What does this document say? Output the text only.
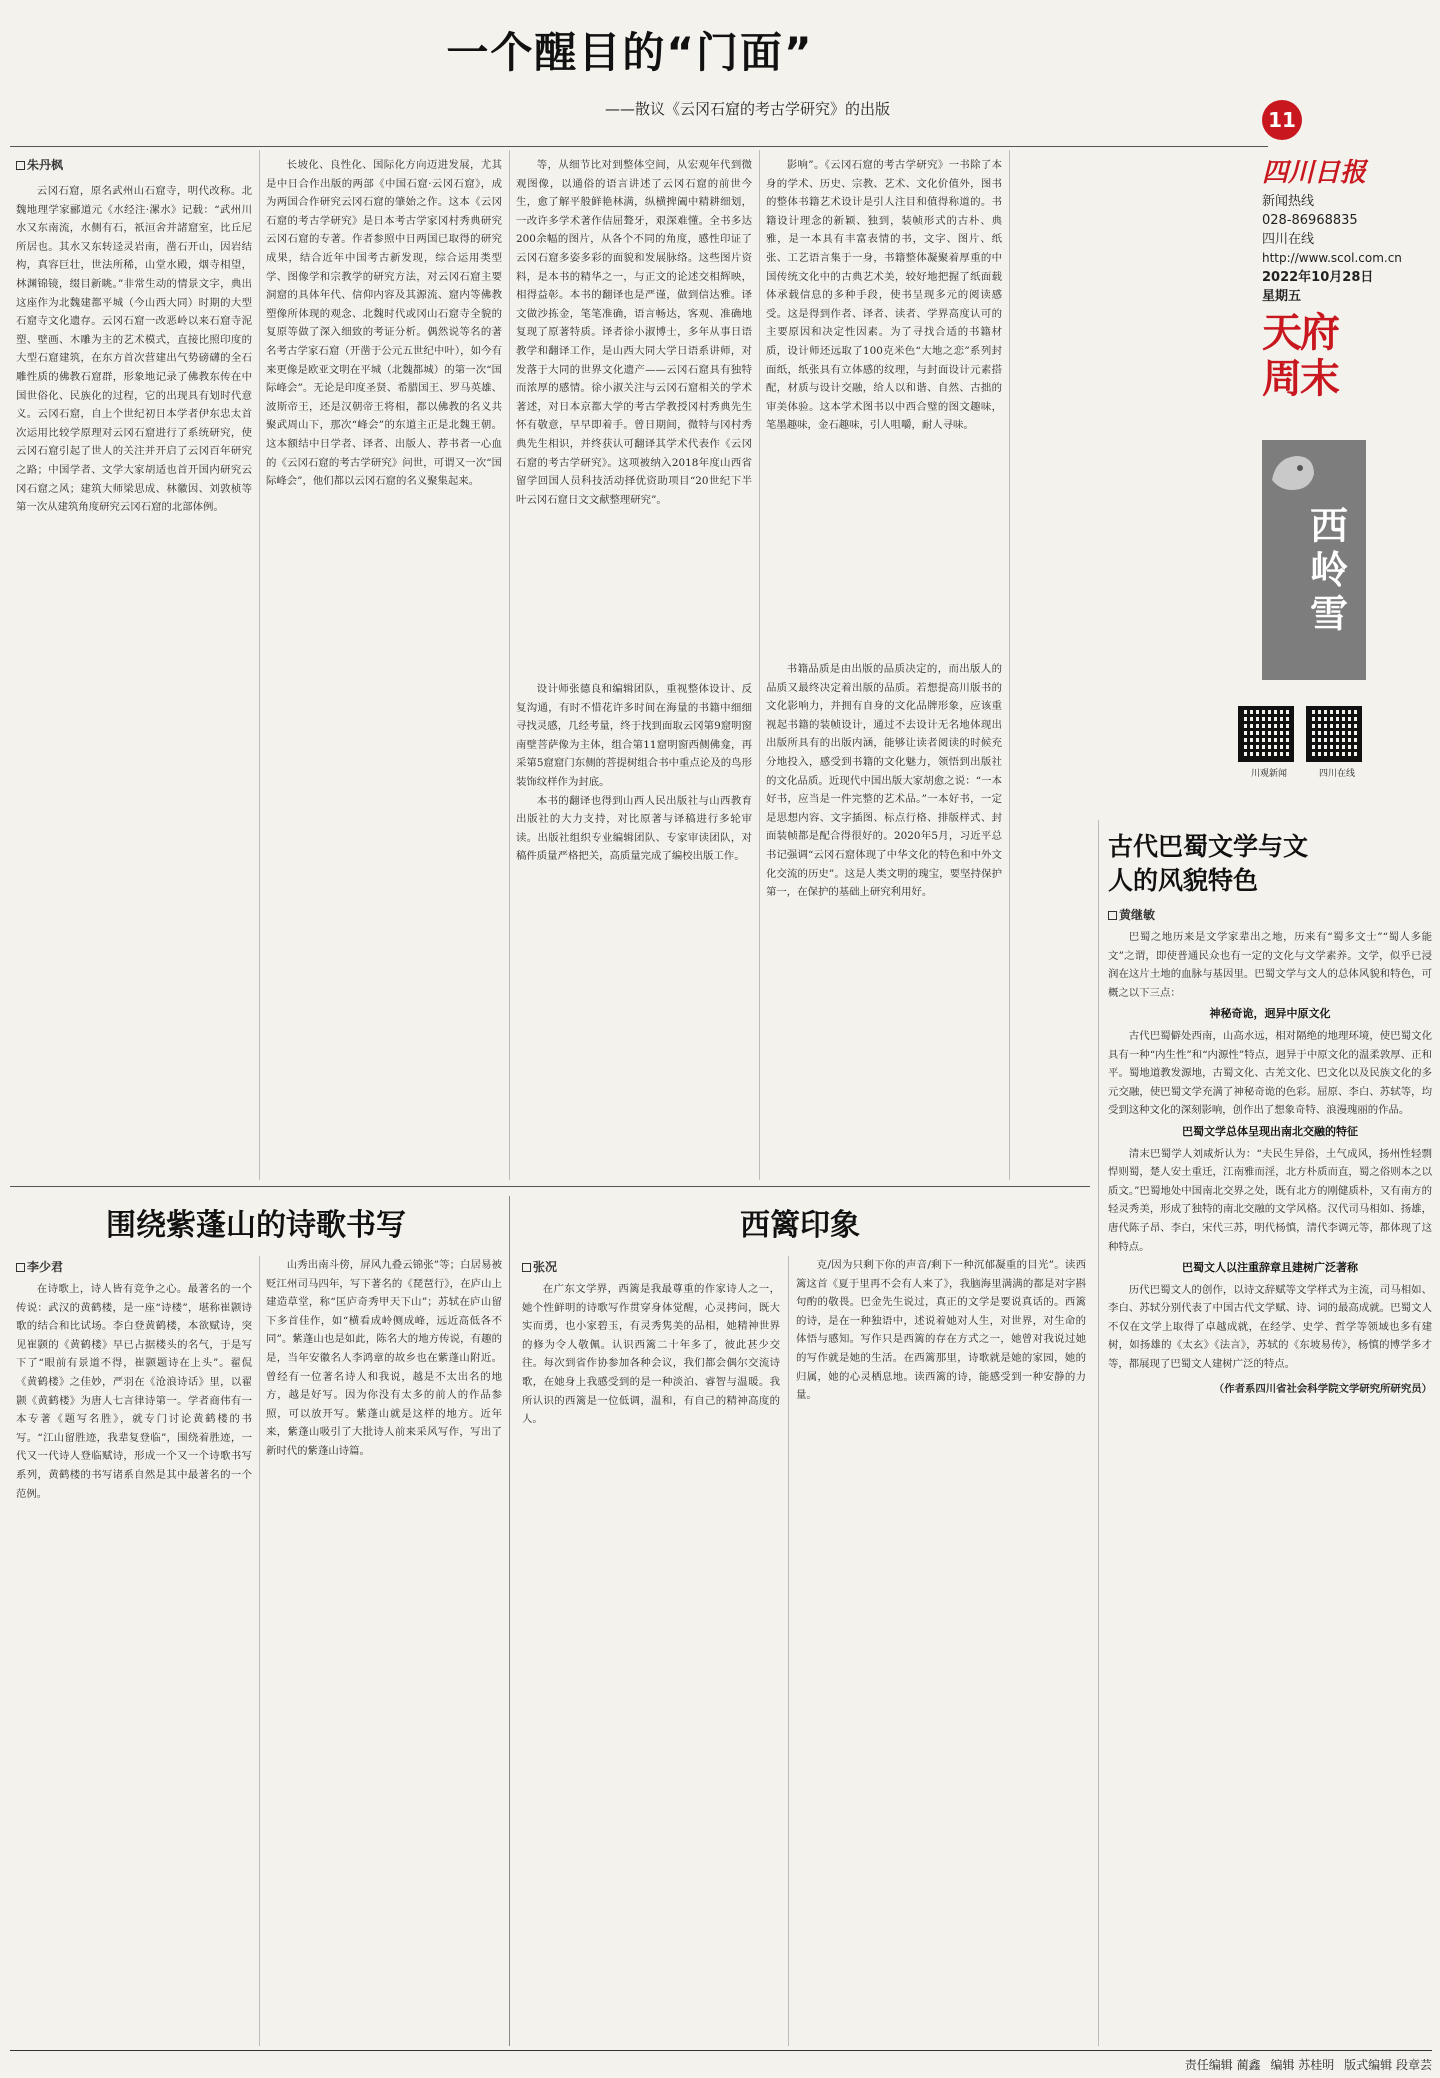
一个醒目的“门面”
——散议《云冈石窟的考古学研究》的出版
朱丹枫

云冈石窟，原名武州山石窟寺，明代改称。北魏地理学家郦道元《水经注·漯水》记载：“武州川水又东南流，水侧有石，祇洹舍并諸窟室，比丘尼所居也。其水又东转迳灵岩南，凿石开山，因岩结构，真容巨壮，世法所稀，山堂水殿，烟寺相望，林渊锦镜，缀目新眺。”非常生动的情景文字，典出这座作为北魏建都平城（今山西大同）时期的大型石窟寺文化遗存。云冈石窟一改恶岭以来石窟寺泥塑、壁画、木雕为主的艺术模式，直接比照印度的大型石窟建筑，在东方首次营建出气势磅礴的全石雕性质的佛教石窟群，形象地记录了佛教东传在中国世俗化、民族化的过程，它的出现具有划时代意义。云冈石窟，自上个世纪初日本学者伊东忠太首次运用比较学原理对云冈石窟进行了系统研究，使云冈石窟引起了世人的关注并开启了云冈百年研究之路；中国学者、文学大家胡适也首开国内研究云冈石窟之风；建筑大师梁思成、林徽因、刘敦桢等第一次从建筑角度研究云冈石窟的北部体例。

长坡化、良性化、国际化方向迈进发展，尤其是中日合作出版的两部《中国石窟·云冈石窟》，成为两国合作研究云冈石窟的肇始之作。这本《云冈石窟的考古学研究》是日本考古学家冈村秀典研究云冈石窟的专著。作者参照中日两国已取得的研究成果，结合近年中国考古新发现，综合运用类型学、图像学和宗教学的研究方法，对云冈石窟主要洞窟的具体年代、信仰内容及其源流、窟内等佛教塑像所体现的观念、北魏时代或冈山石窟寺全貌的复原等做了深入细致的考证分析。偶然说等名的著名考古学家石窟（开凿于公元五世纪中叶），如今有来更像是欧亚文明在平城（北魏都城）的第一次“国际峰会”。无论是印度圣贤、希腊国王、罗马英雄、波斯帝王，还是汉朝帝王将相，都以佛教的名义共聚武周山下，那次“峰会”的东道主正是北魏王朝。这本额结中日学者、译者、出版人、荐书者一心血的《云冈石窟的考古学研究》问世，可谓又一次“国际峰会”，他们都以云冈石窟的名义聚集起来。

等，从细节比对到整体空间，从宏观年代到微观图像，以通俗的语言讲述了云冈石窟的前世今生，愈了解平般鲜艳林满，纵横捭阖中精耕细划，一改许多学术著作佶屈聱牙，艰深难懂。全书多达200余幅的图片，从各个不同的角度，感性印证了云冈石窟多姿多彩的面貌和发展脉络。这些图片资料，是本书的精华之一，与正文的论述交相辉映，相得益彰。本书的翻译也是严谨，做到信达雅。译文做沙拣金，笔笔准确，语言畅达，客观、准确地复现了原著特质。译者徐小淑博士，多年从事日语教学和翻译工作，是山西大同大学日语系讲师，对发落于大同的世界文化遗产——云冈石窟具有独特而浓厚的感情。徐小淑关注与云冈石窟相关的学术著述，对日本京都大学的考古学教授冈村秀典先生怀有敬意，早早即着手。曾日期间，微特与冈村秀典先生相识，并终获认可翻译其学术代表作《云冈石窟的考古学研究》。这项被纳入2018年度山西省留学回国人员科技活动择优资助项目“20世纪下半叶云冈石窟日文文献整理研究”。

影响”。《云冈石窟的考古学研究》一书除了本身的学术、历史、宗教、艺术、文化价值外，图书的整体书籍艺术设计是引人注目和值得称道的。书籍设计理念的新颖、独到，装帧形式的古朴、典雅，是一本具有丰富表情的书，文字、图片、纸张、工艺语言集于一身，书籍整体凝聚着厚重的中国传统文化中的古典艺术美，较好地把握了纸面载体承载信息的多种手段，使书呈现多元的阅读感受。这是得到作者、译者、读者、学界高度认可的主要原因和决定性因素。为了寻找合适的书籍材质，设计师还远取了100克米色“大地之恋”系列封面纸，纸张具有立体感的纹理，与封面设计元素搭配，材质与设计交融，给人以和谐、自然、古拙的审美体验。这本学术图书以中西合璧的图文趣味，笔墨趣味，金石趣味，引人咀嚼，耐人寻味。

设计师张德良和编辑团队，重视整体设计、反复沟通，有时不惜花许多时间在海量的书籍中细细寻找灵感，几经考量，终于找到面取云冈第9窟明窗南壁菩萨像为主体，组合第11窟明窗西侧佛龛，再采第5窟窟门东侧的菩提树组合书中重点论及的鸟形装饰纹样作为封底。

本书的翻译也得到山西人民出版社与山西教育出版社的大力支持，对比原著与译稿进行多轮审读。出版社组织专业编辑团队、专家审读团队，对稿件质量严格把关，高质量完成了编校出版工作。

书籍品质是由出版的品质决定的，而出版人的品质又最终决定着出版的品质。若想提高川版书的文化影响力，并拥有自身的文化品牌形象，应该重视起书籍的装帧设计，通过不去设计无名地体现出出版所具有的出版内涵，能够让读者阅读的时候充分地投入，感受到书籍的文化魅力，领悟到出版社的文化品质。近现代中国出版大家胡愈之说：“一本好书，应当是一件完整的艺术品。”一本好书，一定是思想内容、文字插图、标点行格、排版样式、封面装帧都是配合得很好的。2020年5月，习近平总书记强调“云冈石窟体现了中华文化的特色和中外文化交流的历史”。这是人类文明的瑰宝，要坚持保护第一，在保护的基础上研究利用好。

11
四川日报
新闻热线
028-86968835
四川在线
http://www.scol.com.cn
2022年10月28日
星期五
天府周末
西岭雪
川观新闻	四川在线
古代巴蜀文学与文人的风貌特色
黄继敏

巴蜀之地历来是文学家辈出之地，历来有“蜀多文士”“蜀人多能文”之谓，即使普通民众也有一定的文化与文学素养。文学，似乎已浸润在这片土地的血脉与基因里。巴蜀文学与文人的总体风貌和特色，可概之以下三点：

神秘奇诡，迥异中原文化

古代巴蜀僻处西南，山高水远，相对隔绝的地理环境，使巴蜀文化具有一种“内生性”和“内源性”特点，迥异于中原文化的温柔敦厚、正和平。蜀地道教发源地，古蜀文化、古羌文化、巴文化以及民族文化的多元交融，使巴蜀文学充满了神秘奇诡的色彩。屈原、李白、苏轼等，均受到这种文化的深刻影响，创作出了想象奇特、浪漫瑰丽的作品。

巴蜀文学总体呈现出南北交融的特征

清末巴蜀学人刘咸炘认为：“夫民生异俗，土气成风，扬州性轻剽悍则蜀，楚人安土重迁，江南雅而淫，北方朴质而直，蜀之俗则本之以质文。”巴蜀地处中国南北交界之处，既有北方的刚健质朴，又有南方的轻灵秀美，形成了独特的南北交融的文学风格。汉代司马相如、扬雄，唐代陈子昂、李白，宋代三苏，明代杨慎，清代李调元等，都体现了这种特点。

巴蜀文人以注重辞章且建树广泛著称

历代巴蜀文人的创作，以诗文辞赋等文学样式为主流，司马相如、李白、苏轼分别代表了中国古代文学赋、诗、词的最高成就。巴蜀文人不仅在文学上取得了卓越成就，在经学、史学、哲学等领域也多有建树，如扬雄的《太玄》《法言》，苏轼的《东坡易传》，杨慎的博学多才等，都展现了巴蜀文人建树广泛的特点。

（作者系四川省社会科学院文学研究所研究员）
围绕紫蓬山的诗歌书写
李少君

在诗歌上，诗人皆有竞争之心。最著名的一个传说：武汉的黄鹤楼，是一座“诗楼”，堪称崔颢诗歌的结合和比试场。李白登黄鹤楼，本欲赋诗，突见崔颢的《黄鹤楼》早已占据楼头的名气，于是写下了“眼前有景道不得，崔颢题诗在上头”。翟侃《黄鹤楼》之佳妙，严羽在《沧浪诗话》里，以翟颢《黄鹤楼》为唐人七言律诗第一。学者商伟有一本专著《题写名胜》，就专门讨论黄鹤楼的书写。“江山留胜迹，我辈复登临”，围绕着胜迹，一代又一代诗人登临赋诗，形成一个又一个诗歌书写系列，黄鹤楼的书写诸系自然是其中最著名的一个范例。

山秀出南斗傍，屏风九叠云锦张”等；白居易被贬江州司马四年，写下著名的《琵琶行》，在庐山上建造草堂，称“匡庐奇秀甲天下山”；苏轼在庐山留下多首佳作，如“横看成岭侧成峰，远近高低各不同”。紫蓬山也是如此，陈名大的地方传说，有趣的是，当年安徽名人李鸿章的故乡也在紫蓬山附近。曾经有一位著名诗人和我说，越是不太出名的地方，越是好写。因为你没有太多的前人的作品参照，可以放开写。紫蓬山就是这样的地方。近年来，紫蓬山吸引了大批诗人前来采风写作，写出了新时代的紫蓬山诗篇。

西篱印象
张况

在广东文学界，西篱是我最尊重的作家诗人之一，她个性鲜明的诗歌写作贯穿身体觉醒，心灵拷问，既大实而勇，也小家碧玉，有灵秀隽美的品相，她精神世界的修为令人敬佩。认识西篱二十年多了，彼此甚少交往。每次到省作协参加各种会议，我们都会偶尔交流诗歌，在她身上我感受到的是一种淡泊、睿智与温暖。我所认识的西篱是一位低调，温和，有自己的精神高度的人。

克/因为只剩下你的声音/剩下一种沉郁凝重的目光”。读西篱这首《夏于里再不会有人来了》，我脑海里满满的都是对字斟句酌的敬畏。巴金先生说过，真正的文学是要说真话的。西篱的诗，是在一种独语中，述说着她对人生，对世界，对生命的体悟与感知。写作只是西篱的存在方式之一，她曾对我说过她的写作就是她的生活。在西篱那里，诗歌就是她的家园，她的归属，她的心灵栖息地。读西篱的诗，能感受到一种安静的力量。

责任编辑 蔺鑫 编辑 苏桂明 版式编辑 段章芸
